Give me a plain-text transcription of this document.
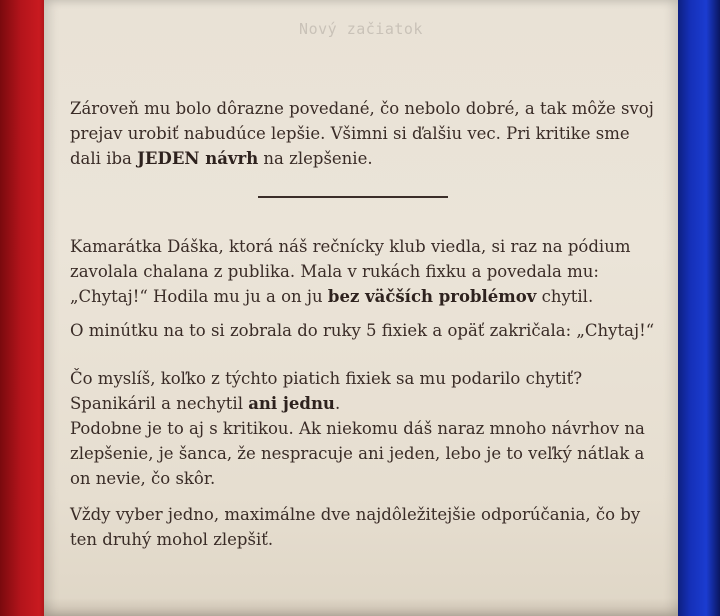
Nový začiatok
Zároveň mu bolo dôrazne povedané, čo nebolo dobré, a tak môže svoj prejav urobiť nabudúce lepšie. Všimni si ďalšiu vec. Pri kritike sme dali iba JEDEN návrh na zlepšenie.
Kamarátka Dáška, ktorá náš rečnícky klub viedla, si raz na pódium zavolala chalana z publika. Mala v rukách fixku a povedala mu: „Chytaj!“ Hodila mu ju a on ju bez väčších problémov chytil.
O minútku na to si zobrala do ruky 5 fixiek a opäť zakričala: „Chytaj!“
Čo myslíš, koľko z týchto piatich fixiek sa mu podarilo chytiť?
Spanikáril a nechytil ani jednu.
Podobne je to aj s kritikou. Ak niekomu dáš naraz mnoho návrhov na zlepšenie, je šanca, že nespracuje ani jeden, lebo je to veľký nátlak a on nevie, čo skôr.
Vždy vyber jedno, maximálne dve najdôležitejšie odporúčania, čo by ten druhý mohol zlepšiť.
